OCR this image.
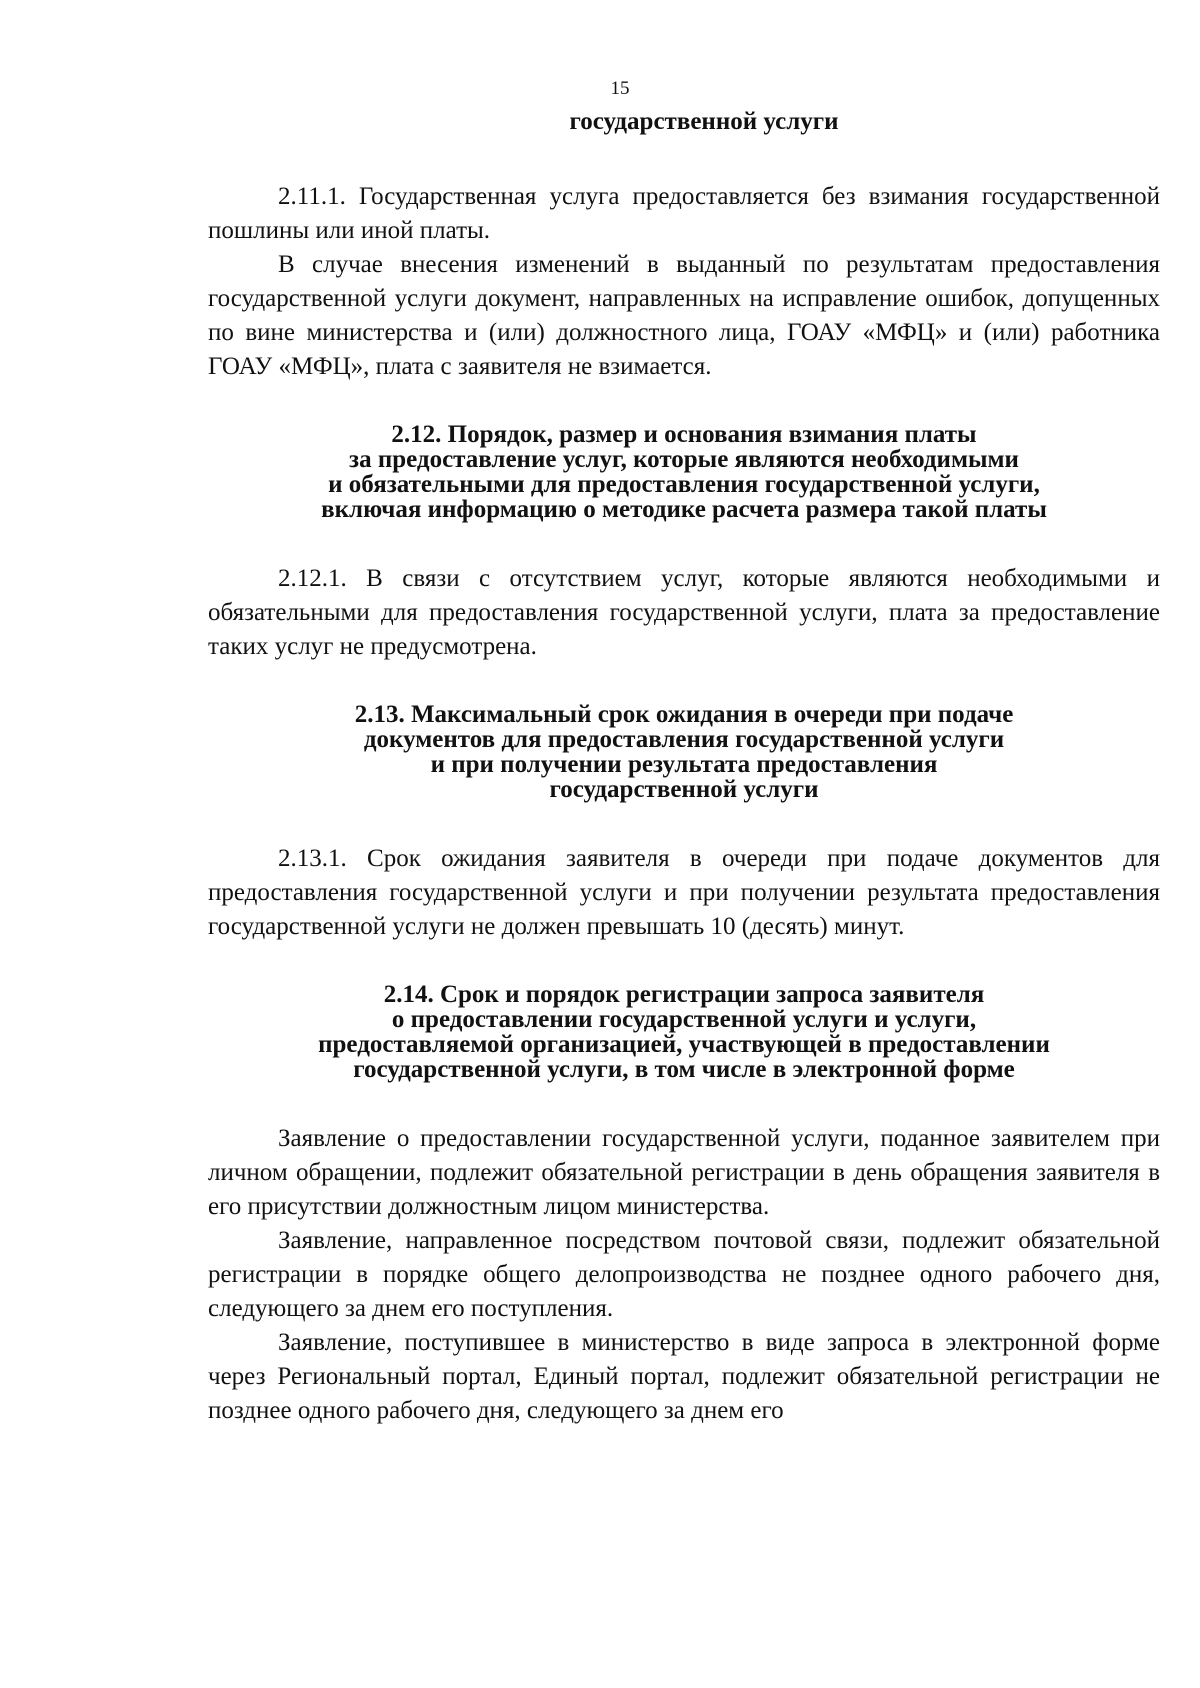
15
государственной услуги

2.11.1. Государственная услуга предоставляется без взимания государственной пошлины или иной платы.

В случае внесения изменений в выданный по результатам предоставления государственной услуги документ, направленных на исправление ошибок, допущенных по вине министерства и (или) должностного лица, ГОАУ «МФЦ» и (или) работника ГОАУ «МФЦ», плата с заявителя не взимается.

2.12. Порядок, размер и основания взимания платы
за предоставление услуг, которые являются необходимыми
и обязательными для предоставления государственной услуги,
включая информацию о методике расчета размера такой платы

2.12.1. В связи с отсутствием услуг, которые являются необходимыми и обязательными для предоставления государственной услуги, плата за предоставление таких услуг не предусмотрена.

2.13. Максимальный срок ожидания в очереди при подаче
документов для предоставления государственной услуги
и при получении результата предоставления
государственной услуги

2.13.1. Срок ожидания заявителя в очереди при подаче документов для предоставления государственной услуги и при получении результата предоставления государственной услуги не должен превышать 10 (десять) минут.

2.14. Срок и порядок регистрации запроса заявителя
о предоставлении государственной услуги и услуги,
предоставляемой организацией, участвующей в предоставлении
государственной услуги, в том числе в электронной форме

Заявление о предоставлении государственной услуги, поданное заявителем при личном обращении, подлежит обязательной регистрации в день обращения заявителя в его присутствии должностным лицом министерства.

Заявление, направленное посредством почтовой связи, подлежит обязательной регистрации в порядке общего делопроизводства не позднее одного рабочего дня, следующего за днем его поступления.

Заявление, поступившее в министерство в виде запроса в электронной форме через Региональный портал, Единый портал, подлежит обязательной регистрации не позднее одного рабочего дня, следующего за днем его
